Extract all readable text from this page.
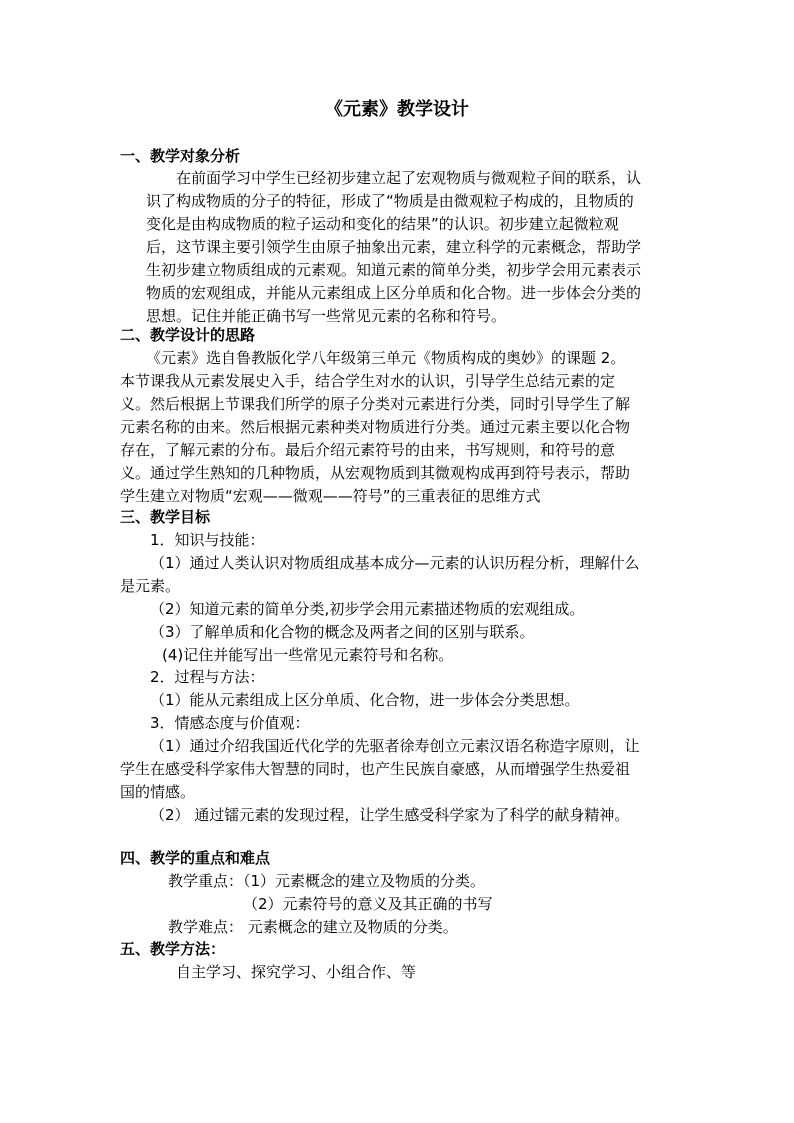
《元素》教学设计
一、教学对象分析
在前面学习中学生已经初步建立起了宏观物质与微观粒子间的联系，认
识了构成物质的分子的特征，形成了“物质是由微观粒子构成的，且物质的
变化是由构成物质的粒子运动和变化的结果”的认识。初步建立起微粒观
后，这节课主要引领学生由原子抽象出元素，建立科学的元素概念，帮助学
生初步建立物质组成的元素观。知道元素的简单分类，初步学会用元素表示
物质的宏观组成，并能从元素组成上区分单质和化合物。进一步体会分类的
思想。记住并能正确书写一些常见元素的名称和符号。
二、教学设计的思路
《元素》选自鲁教版化学八年级第三单元《物质构成的奥妙》的课题 2。
本节课我从元素发展史入手，结合学生对水的认识，引导学生总结元素的定
义。然后根据上节课我们所学的原子分类对元素进行分类，同时引导学生了解
元素名称的由来。然后根据元素种类对物质进行分类。通过元素主要以化合物
存在，了解元素的分布。最后介绍元素符号的由来，书写规则，和符号的意
义。通过学生熟知的几种物质，从宏观物质到其微观构成再到符号表示，帮助
学生建立对物质“宏观——微观——符号”的三重表征的思维方式
三、教学目标
1．知识与技能：
（1）通过人类认识对物质组成基本成分—元素的认识历程分析，理解什么
是元素。
（2）知道元素的简单分类,初步学会用元素描述物质的宏观组成。
（3）了解单质和化合物的概念及两者之间的区别与联系。
(4)记住并能写出一些常见元素符号和名称。
2．过程与方法：
（1）能从元素组成上区分单质、化合物，进一步体会分类思想。
3．情感态度与价值观：
（1）通过介绍我国近代化学的先驱者徐寿创立元素汉语名称造字原则，让
学生在感受科学家伟大智慧的同时，也产生民族自豪感，从而增强学生热爱祖
国的情感。
（2） 通过镭元素的发现过程，让学生感受科学家为了科学的献身精神。
四、教学的重点和难点
教学重点：（1）元素概念的建立及物质的分类。
（2）元素符号的意义及其正确的书写
教学难点： 元素概念的建立及物质的分类。
五、教学方法：
自主学习、探究学习、小组合作、等
